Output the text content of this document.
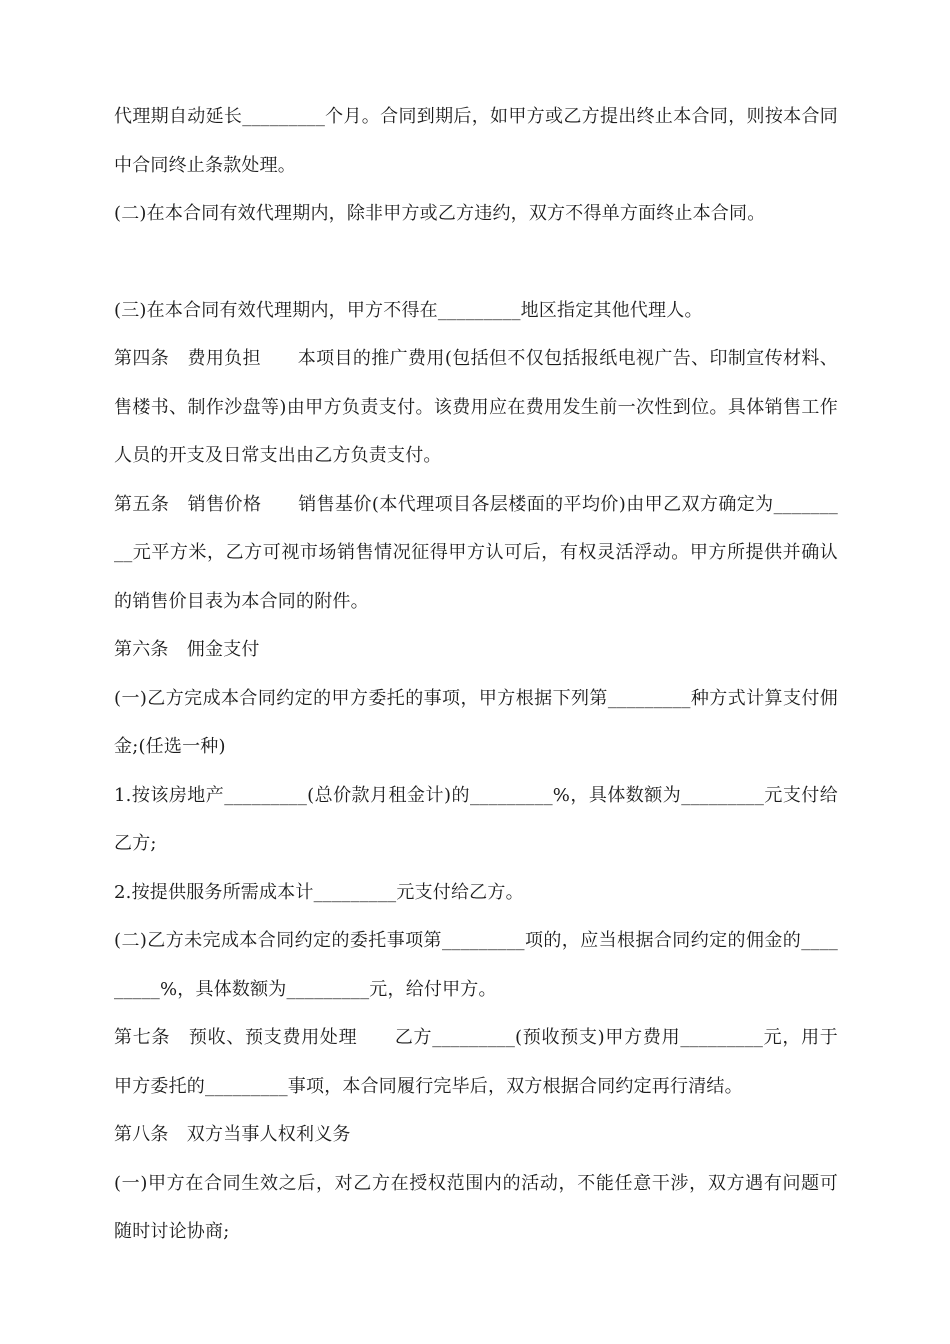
代理期自动延长_________个月。合同到期后，如甲方或乙方提出终止本合同，则按本合同中合同终止条款处理。

(二)在本合同有效代理期内，除非甲方或乙方违约，双方不得单方面终止本合同。

(三)在本合同有效代理期内，甲方不得在_________地区指定其他代理人。

第四条　费用负担　　本项目的推广费用(包括但不仅包括报纸电视广告、印制宣传材料、售楼书、制作沙盘等)由甲方负责支付。该费用应在费用发生前一次性到位。具体销售工作人员的开支及日常支出由乙方负责支付。

第五条　销售价格　　销售基价(本代理项目各层楼面的平均价)由甲乙双方确定为_________元平方米，乙方可视市场销售情况征得甲方认可后，有权灵活浮动。甲方所提供并确认的销售价目表为本合同的附件。

第六条　佣金支付

(一)乙方完成本合同约定的甲方委托的事项，甲方根据下列第_________种方式计算支付佣金;(任选一种)

1.按该房地产_________(总价款月租金计)的_________%，具体数额为_________元支付给乙方;

2.按提供服务所需成本计_________元支付给乙方。

(二)乙方未完成本合同约定的委托事项第_________项的，应当根据合同约定的佣金的_________%，具体数额为_________元，给付甲方。

第七条　预收、预支费用处理　　乙方_________(预收预支)甲方费用_________元，用于甲方委托的_________事项，本合同履行完毕后，双方根据合同约定再行清结。

第八条　双方当事人权利义务

(一)甲方在合同生效之后，对乙方在授权范围内的活动，不能任意干涉，双方遇有问题可随时讨论协商;
